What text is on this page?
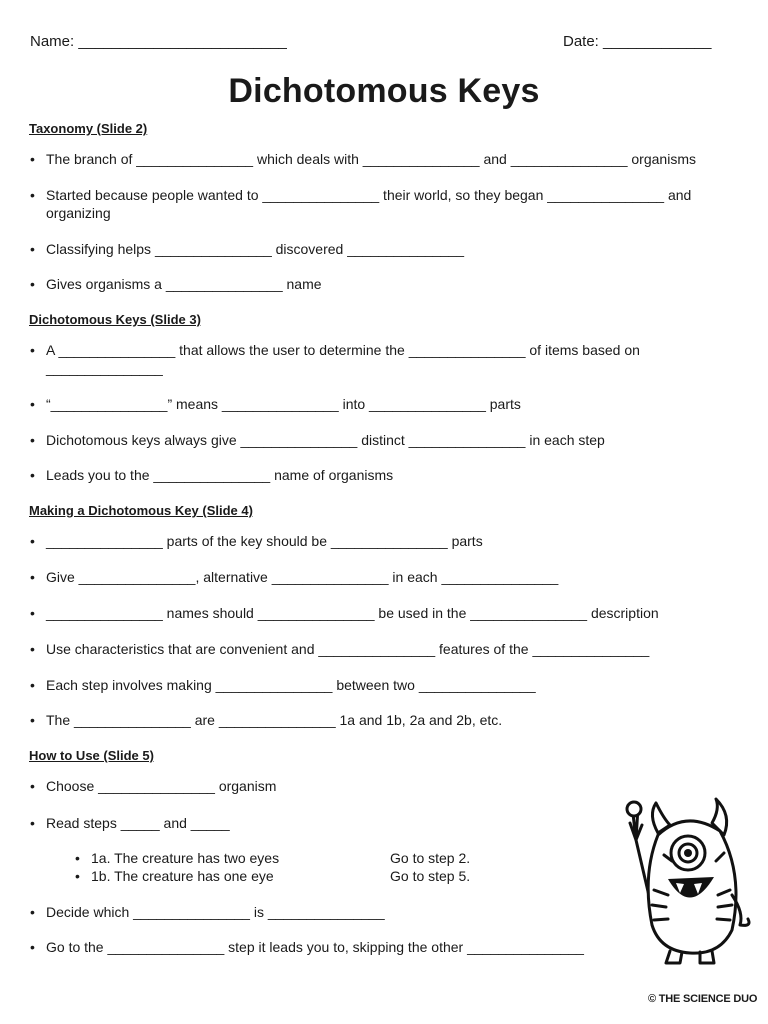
Name: _________________________	Date: _____________
Dichotomous Keys
Taxonomy (Slide 2)
• The branch of _______________ which deals with _______________ and _______________ organisms
• Started because people wanted to _______________ their world, so they began _______________ and organizing
• Classifying helps _______________ discovered _______________
• Gives organisms a _______________ name
Dichotomous Keys (Slide 3)
• A _______________ that allows the user to determine the _______________ of items based on _______________
• “_______________” means _______________ into _______________ parts
• Dichotomous keys always give _______________ distinct _______________ in each step
• Leads you to the _______________ name of organisms
Making a Dichotomous Key (Slide 4)
• _______________ parts of the key should be _______________ parts
• Give _______________, alternative _______________ in each _______________
• _______________ names should _______________ be used in the _______________ description
• Use characteristics that are convenient and _______________ features of the _______________
• Each step involves making _______________ between two _______________
• The _______________ are _______________ 1a and 1b, 2a and 2b, etc.
How to Use (Slide 5)
• Choose _______________ organism
• Read steps _____ and _____
• 1a. The creature has two eyes	Go to step 2.
• 1b. The creature has one eye	Go to step 5.
• Decide which _______________ is _______________
• Go to the _______________ step it leads you to, skipping the other _______________
© THE SCIENCE DUO
